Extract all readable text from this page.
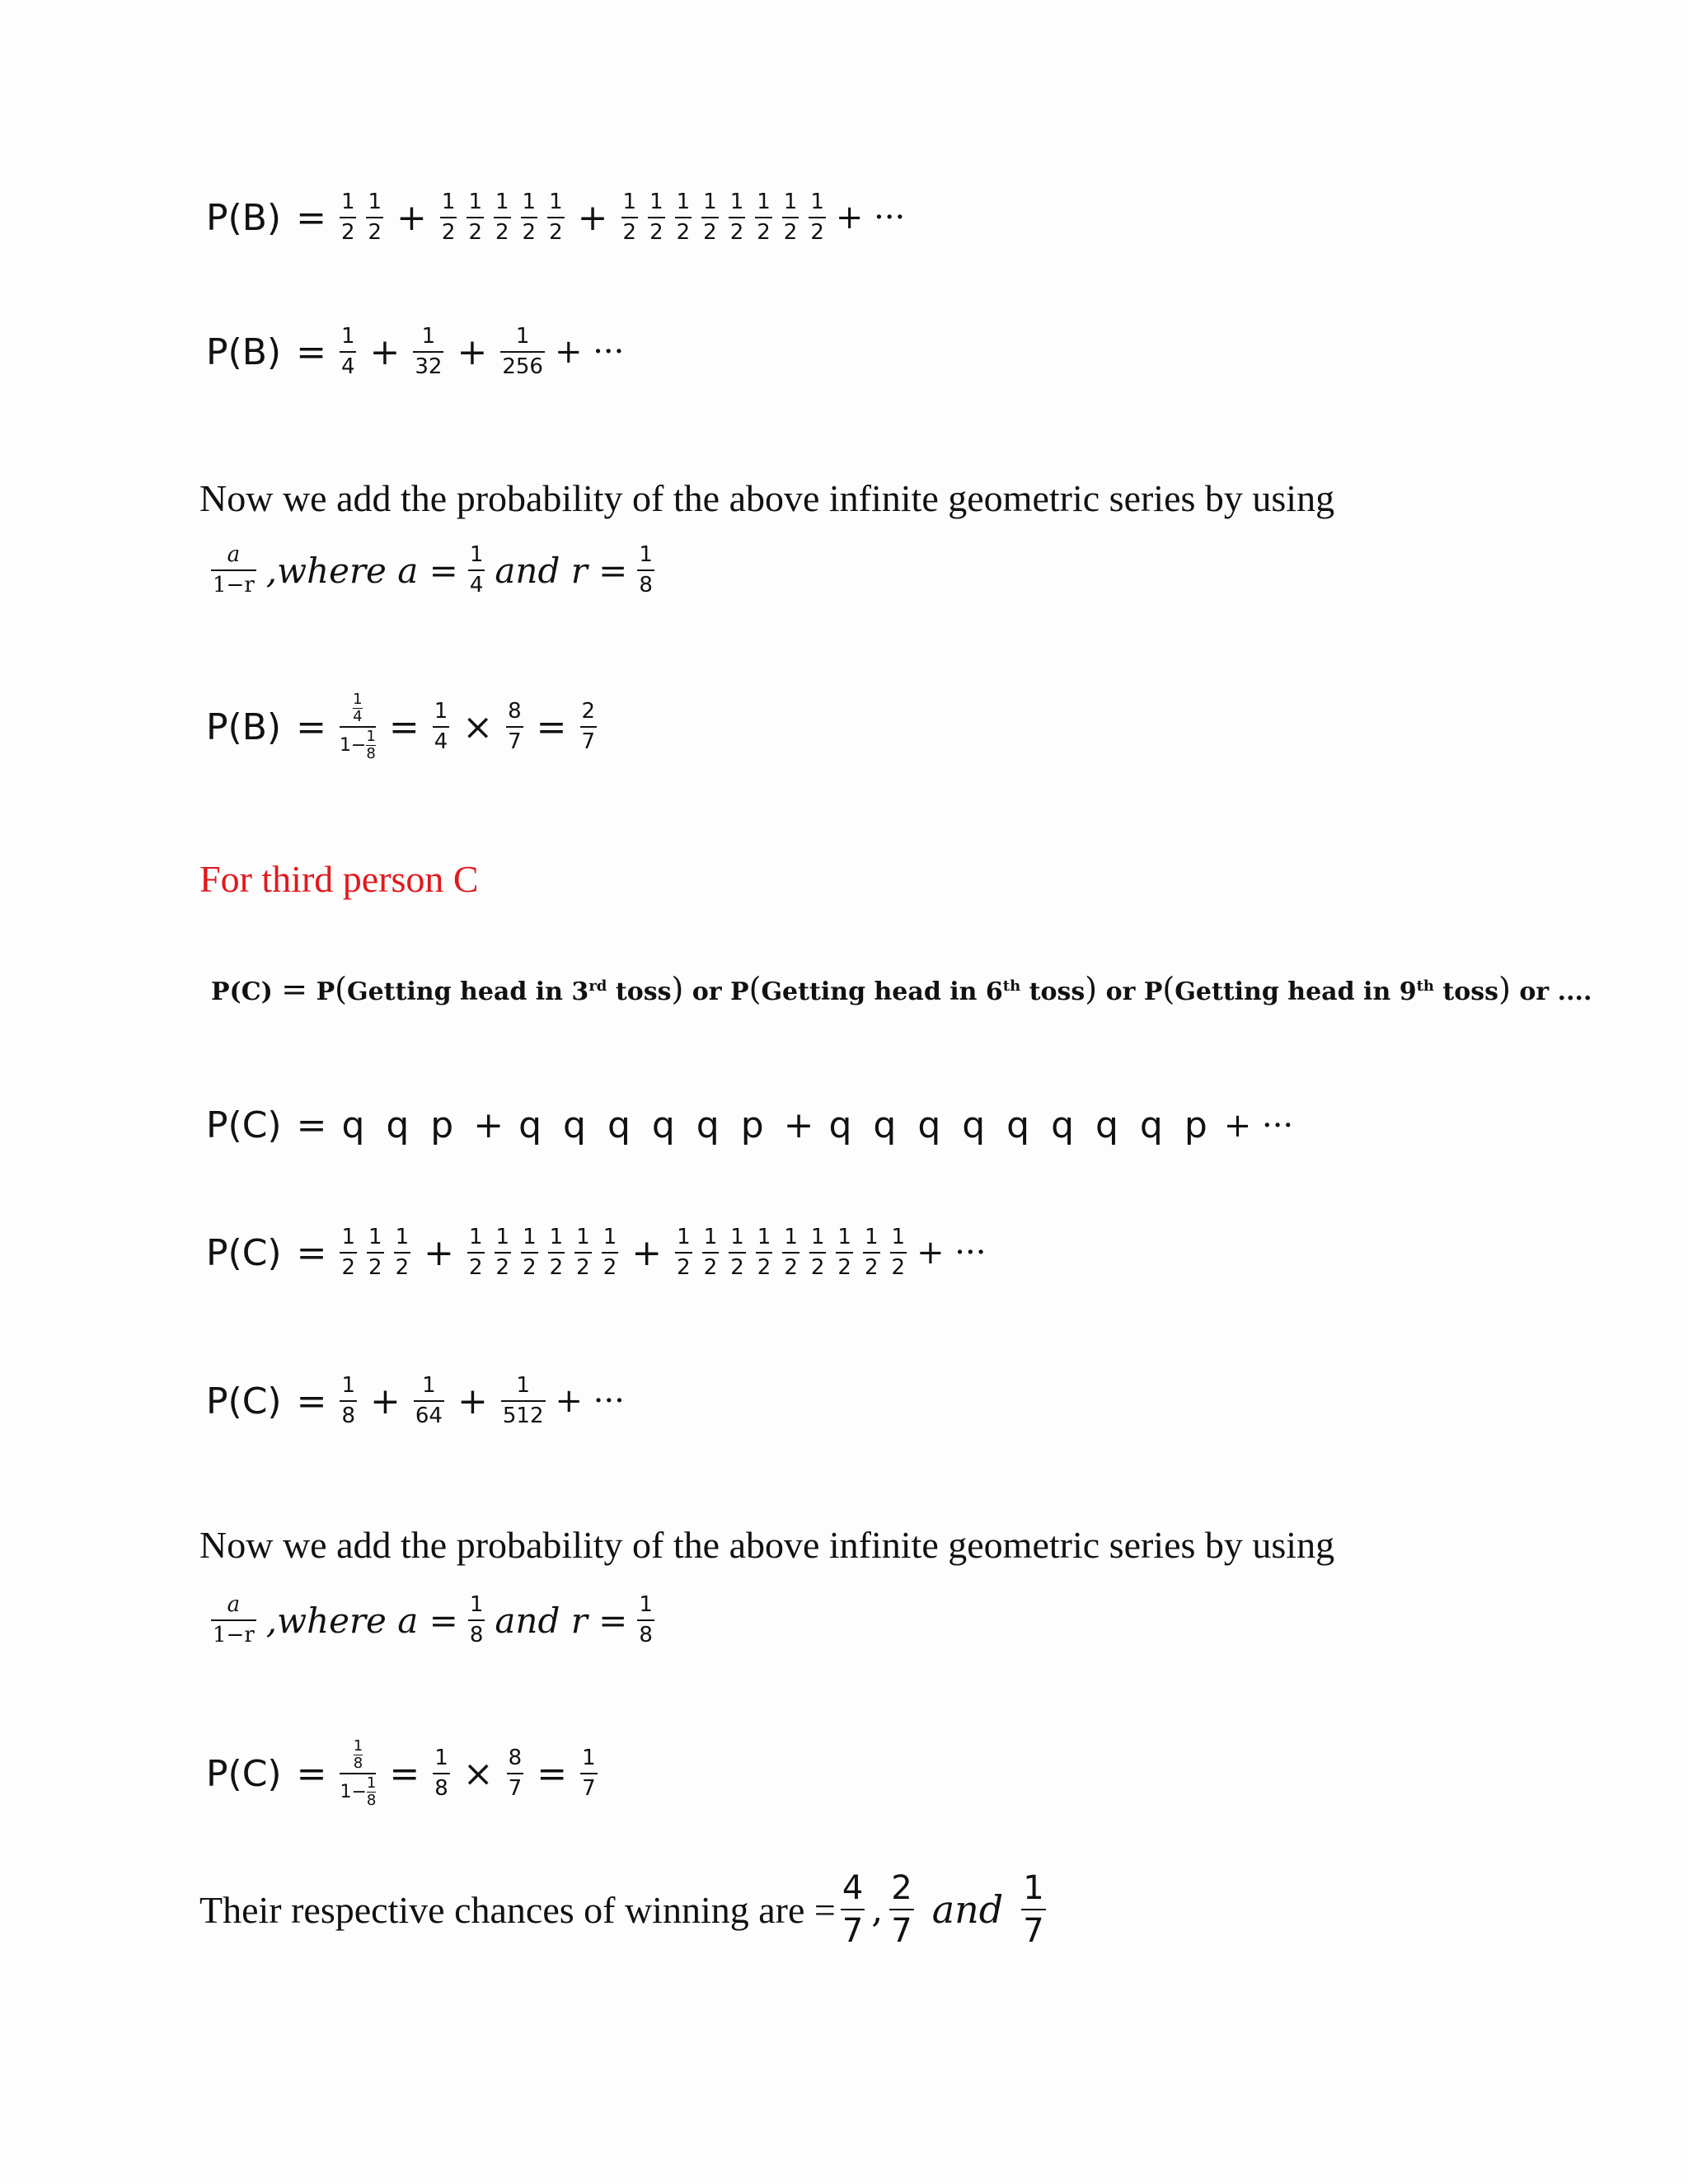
$P(B) = \frac{1}{2} \frac{1}{2} + \frac{1}{2} \frac{1}{2} \frac{1}{2} \frac{1}{2} \frac{1}{2} + \frac{1}{2} \frac{1}{2} \frac{1}{2} \frac{1}{2} \frac{1}{2} \frac{1}{2} \frac{1}{2} \frac{1}{2}$ + ···
$P(B) = \frac{1}{4} + \frac{1}{32} + \frac{1}{256}$ + ···
Now we add the probability of the above infinite geometric series by using
$\frac{a}{1-r}$ ,where $a = \frac{1}{4}$ and $r = \frac{1}{8}$
P(B) =
1
4
1− 1
8
= $\frac{1}{4} \times \frac{8}{7} = \frac{2}{7}$
For third person C
P(C) = P(Getting head in 3rd toss) or P(Getting head in 6th toss) or P(Getting head in 9th toss) or ....
P(C) = q q p + q q q q q p + q q q q q q q q p + ···
$P(C) = \frac{1}{2} \frac{1}{2} \frac{1}{2} + \frac{1}{2} \frac{1}{2} \frac{1}{2} \frac{1}{2} \frac{1}{2} \frac{1}{2} + \frac{1}{2} \frac{1}{2} \frac{1}{2} \frac{1}{2} \frac{1}{2} \frac{1}{2} \frac{1}{2} \frac{1}{2} \frac{1}{2}$ + ···
$P(C) = \frac{1}{8} + \frac{1}{64} + \frac{1}{512}$ + ···
Now we add the probability of the above infinite geometric series by using
$\frac{a}{1-r}$ ,where $a = \frac{1}{8}$ and $r = \frac{1}{8}$
P(C) =
1
8
1− 1
8
= $\frac{1}{8} \times \frac{8}{7} = \frac{1}{7}$
Their respective chances of winning are = $\frac{4}{7}$ , $\frac{2}{7}$ and $\frac{1}{7}$
